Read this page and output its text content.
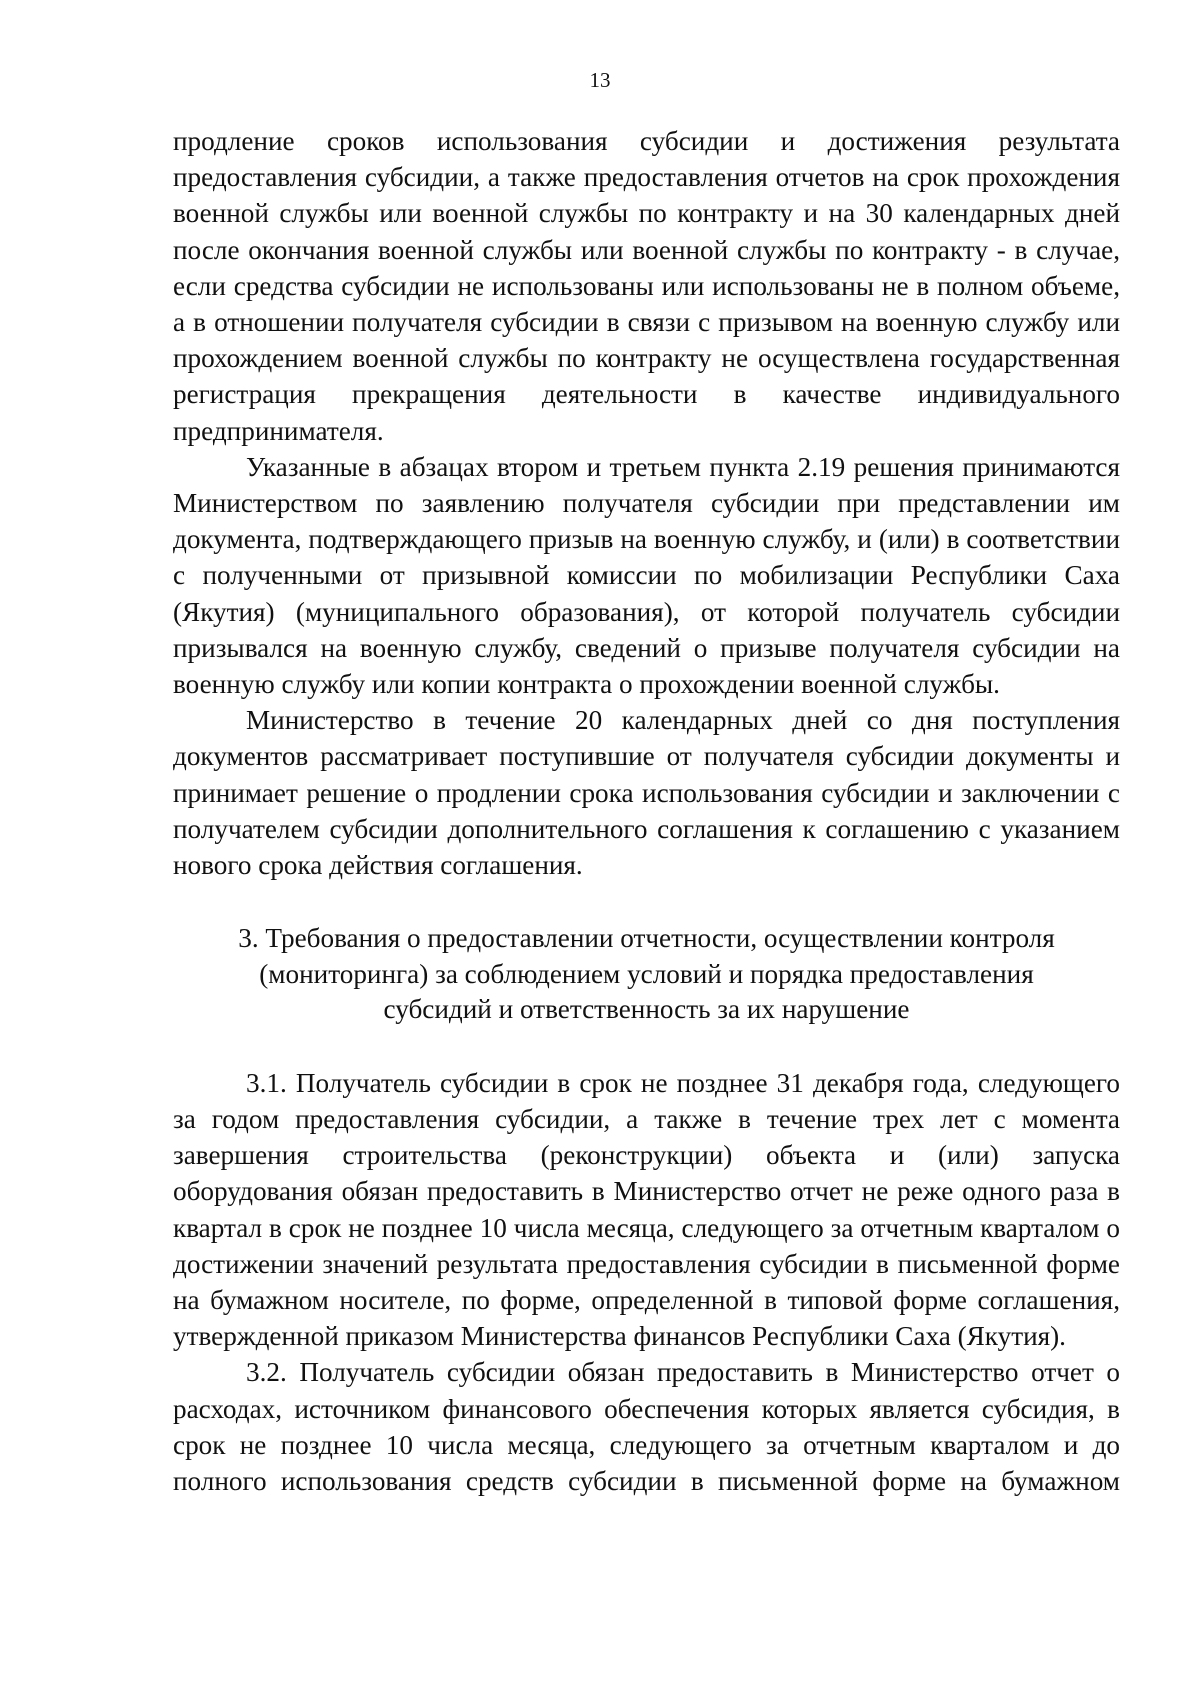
13

продление сроков использования субсидии и достижения результата предоставления субсидии, а также предоставления отчетов на срок прохождения военной службы или военной службы по контракту и на 30 календарных дней после окончания военной службы или военной службы по контракту - в случае, если средства субсидии не использованы или использованы не в полном объеме, а в отношении получателя субсидии в связи с призывом на военную службу или прохождением военной службы по контракту не осуществлена государственная регистрация прекращения деятельности в качестве индивидуального предпринимателя.

Указанные в абзацах втором и третьем пункта 2.19 решения принимаются Министерством по заявлению получателя субсидии при представлении им документа, подтверждающего призыв на военную службу, и (или) в соответствии с полученными от призывной комиссии по мобилизации Республики Саха (Якутия) (муниципального образования), от которой получатель субсидии призывался на военную службу, сведений о призыве получателя субсидии на военную службу или копии контракта о прохождении военной службы.

Министерство в течение 20 календарных дней со дня поступления документов рассматривает поступившие от получателя субсидии документы и принимает решение о продлении срока использования субсидии и заключении с получателем субсидии дополнительного соглашения к соглашению с указанием нового срока действия соглашения.

3. Требования о предоставлении отчетности, осуществлении контроля
(мониторинга) за соблюдением условий и порядка предоставления
субсидий и ответственность за их нарушение

3.1. Получатель субсидии в срок не позднее 31 декабря года, следующего за годом предоставления субсидии, а также в течение трех лет с момента завершения строительства (реконструкции) объекта и (или) запуска оборудования обязан предоставить в Министерство отчет не реже одного раза в квартал в срок не позднее 10 числа месяца, следующего за отчетным кварталом о достижении значений результата предоставления субсидии в письменной форме на бумажном носителе, по форме, определенной в типовой форме соглашения, утвержденной приказом Министерства финансов Республики Саха (Якутия).

3.2. Получатель субсидии обязан предоставить в Министерство отчет о расходах, источником финансового обеспечения которых является субсидия, в срок не позднее 10 числа месяца, следующего за отчетным кварталом и до полного использования средств субсидии в письменной форме на бумажном
